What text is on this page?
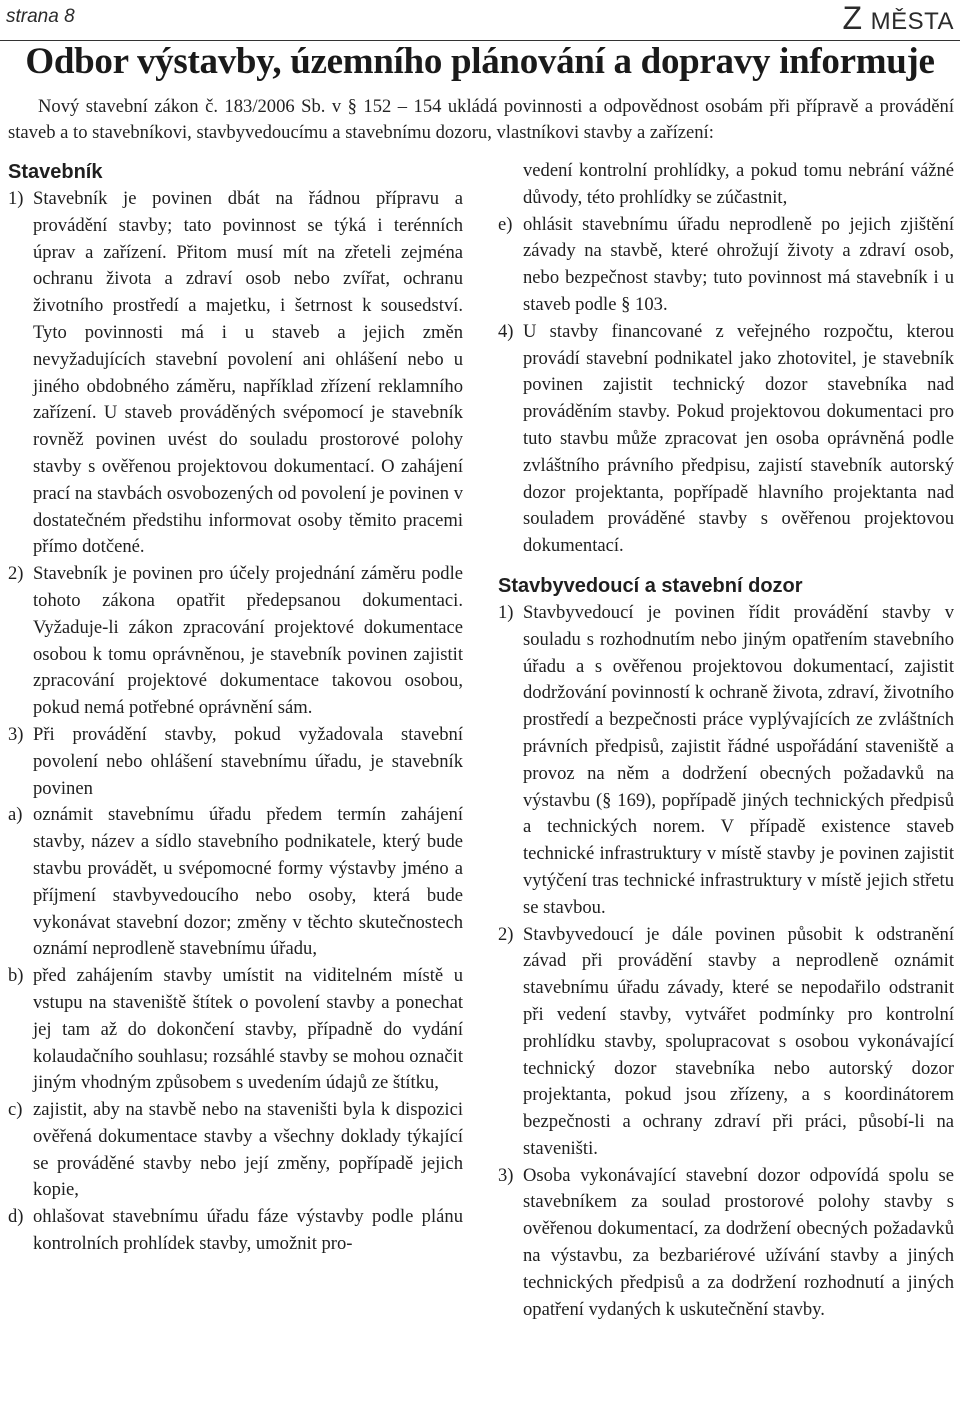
strana 8	Z MĚSTA
Odbor výstavby, územního plánování a dopravy informuje

Nový stavební zákon č. 183/2006 Sb. v § 152 – 154 ukládá povinnosti a odpovědnost osobám při přípravě a provádění staveb a to stavebníkovi, stavbyvedoucímu a stavebnímu dozoru, vlastníkovi stavby a zařízení:

Stavebník
1) Stavebník je povinen dbát na řádnou přípravu a provádění stavby; tato povinnost se týká i terénních úprav a zařízení. Přitom musí mít na zřeteli zejména ochranu života a zdraví osob nebo zvířat, ochranu životního prostředí a majetku, i šetrnost k sousedství. Tyto povinnosti má i u staveb a jejich změn nevyžadujících stavební povolení ani ohlášení nebo u jiného obdobného záměru, například zřízení reklamního zařízení. U staveb prováděných svépomocí je stavebník rovněž povinen uvést do souladu prostorové polohy stavby s ověřenou projektovou dokumentací. O zahájení prací na stavbách osvobozených od povolení je povinen v dostatečném předstihu informovat osoby těmito pracemi přímo dotčené.
2) Stavebník je povinen pro účely projednání záměru podle tohoto zákona opatřit předepsanou dokumentaci. Vyžaduje-li zákon zpracování projektové dokumentace osobou k tomu oprávněnou, je stavebník povinen zajistit zpracování projektové dokumentace takovou osobou, pokud nemá potřebné oprávnění sám.
3) Při provádění stavby, pokud vyžadovala stavební povolení nebo ohlášení stavebnímu úřadu, je stavebník povinen
a) oznámit stavebnímu úřadu předem termín zahájení stavby, název a sídlo stavebního podnikatele, který bude stavbu provádět, u svépomocné formy výstavby jméno a příjmení stavbyvedoucího nebo osoby, která bude vykonávat stavební dozor; změny v těchto skutečnostech oznámí neprodleně stavebnímu úřadu,
b) před zahájením stavby umístit na viditelném místě u vstupu na staveniště štítek o povolení stavby a ponechat jej tam až do dokončení stavby, případně do vydání kolaudačního souhlasu; rozsáhlé stavby se mohou označit jiným vhodným způsobem s uvedením údajů ze štítku,
c) zajistit, aby na stavbě nebo na staveništi byla k dispozici ověřená dokumentace stavby a všechny doklady týkající se prováděné stavby nebo její změny, popřípadě jejich kopie,
d) ohlašovat stavebnímu úřadu fáze výstavby podle plánu kontrolních prohlídek stavby, umožnit pro-

vedení kontrolní prohlídky, a pokud tomu nebrání vážné důvody, této prohlídky se zúčastnit,

e) ohlásit stavebnímu úřadu neprodleně po jejich zjištění závady na stavbě, které ohrožují životy a zdraví osob, nebo bezpečnost stavby; tuto povinnost má stavebník i u staveb podle § 103.
4) U stavby financované z veřejného rozpočtu, kterou provádí stavební podnikatel jako zhotovitel, je stavebník povinen zajistit technický dozor stavebníka nad prováděním stavby. Pokud projektovou dokumentaci pro tuto stavbu může zpracovat jen osoba oprávněná podle zvláštního právního předpisu, zajistí stavebník autorský dozor projektanta, popřípadě hlavního projektanta nad souladem prováděné stavby s ověřenou projektovou dokumentací.
Stavbyvedoucí a stavební dozor
1) Stavbyvedoucí je povinen řídit provádění stavby v souladu s rozhodnutím nebo jiným opatřením stavebního úřadu a s ověřenou projektovou dokumentací, zajistit dodržování povinností k ochraně života, zdraví, životního prostředí a bezpečnosti práce vyplývajících ze zvláštních právních předpisů, zajistit řádné uspořádání staveniště a provoz na něm a dodržení obecných požadavků na výstavbu (§ 169), popřípadě jiných technických předpisů a technických norem. V případě existence staveb technické infrastruktury v místě stavby je povinen zajistit vytýčení tras technické infrastruktury v místě jejich střetu se stavbou.
2) Stavbyvedoucí je dále povinen působit k odstranění závad při provádění stavby a neprodleně oznámit stavebnímu úřadu závady, které se nepodařilo odstranit při vedení stavby, vytvářet podmínky pro kontrolní prohlídku stavby, spolupracovat s osobou vykonávající technický dozor stavebníka nebo autorský dozor projektanta, pokud jsou zřízeny, a s koordinátorem bezpečnosti a ochrany zdraví při práci, působí-li na staveništi.
3) Osoba vykonávající stavební dozor odpovídá spolu se stavebníkem za soulad prostorové polohy stavby s ověřenou dokumentací, za dodržení obecných požadavků na výstavbu, za bezbariérové užívání stavby a jiných technických předpisů a za dodržení rozhodnutí a jiných opatření vydaných k uskutečnění stavby.
